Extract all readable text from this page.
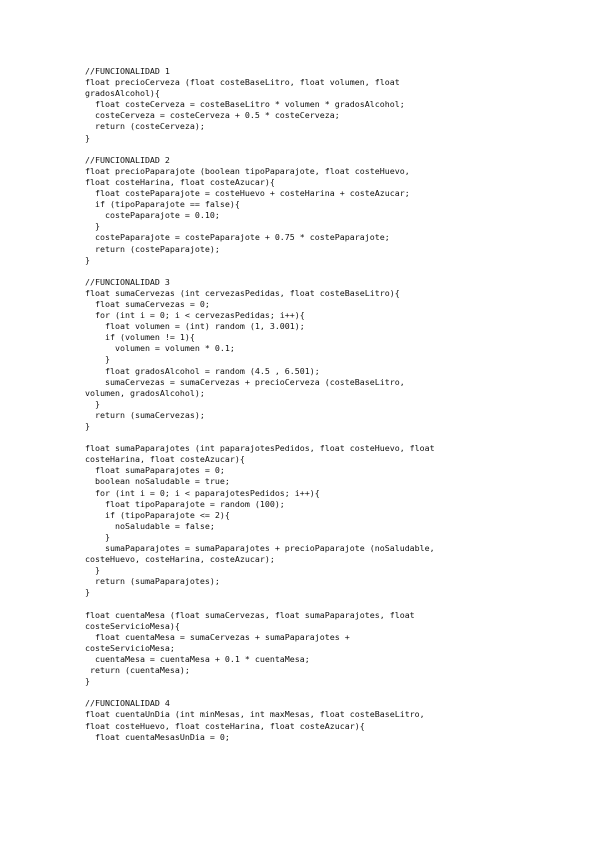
//FUNCIONALIDAD 1
float precioCerveza (float costeBaseLitro, float volumen, float
gradosAlcohol){
float costeCerveza = costeBaseLitro * volumen * gradosAlcohol;
costeCerveza = costeCerveza + 0.5 * costeCerveza;
return (costeCerveza);
}
//FUNCIONALIDAD 2
float precioPaparajote (boolean tipoPaparajote, float costeHuevo,
float costeHarina, float costeAzucar){
float costePaparajote = costeHuevo + costeHarina + costeAzucar;
if (tipoPaparajote == false){
costePaparajote = 0.10;
}
costePaparajote = costePaparajote + 0.75 * costePaparajote;
return (costePaparajote);
}
//FUNCIONALIDAD 3
float sumaCervezas (int cervezasPedidas, float costeBaseLitro){
float sumaCervezas = 0;
for (int i = 0; i < cervezasPedidas; i++){
float volumen = (int) random (1, 3.001);
if (volumen != 1){
volumen = volumen * 0.1;
}
float gradosAlcohol = random (4.5 , 6.501);
sumaCervezas = sumaCervezas + precioCerveza (costeBaseLitro,
volumen, gradosAlcohol);
}
return (sumaCervezas);
}
float sumaPaparajotes (int paparajotesPedidos, float costeHuevo, float
costeHarina, float costeAzucar){
float sumaPaparajotes = 0;
boolean noSaludable = true;
for (int i = 0; i < paparajotesPedidos; i++){
float tipoPaparajote = random (100);
if (tipoPaparajote <= 2){
noSaludable = false;
}
sumaPaparajotes = sumaPaparajotes + precioPaparajote (noSaludable,
costeHuevo, costeHarina, costeAzucar);
}
return (sumaPaparajotes);
}
float cuentaMesa (float sumaCervezas, float sumaPaparajotes, float
costeServicioMesa){
float cuentaMesa = sumaCervezas + sumaPaparajotes +
costeServicioMesa;
cuentaMesa = cuentaMesa + 0.1 * cuentaMesa;
return (cuentaMesa);
}
//FUNCIONALIDAD 4
float cuentaUnDia (int minMesas, int maxMesas, float costeBaseLitro,
float costeHuevo, float costeHarina, float costeAzucar){
float cuentaMesasUnDia = 0;
